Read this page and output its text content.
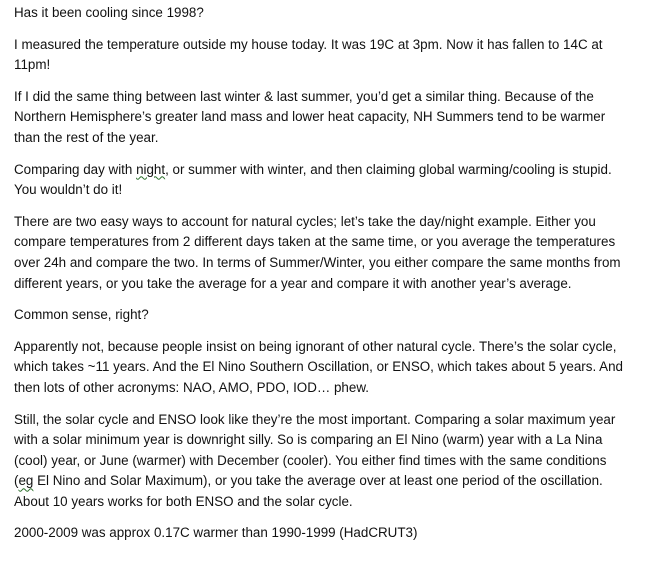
Has it been cooling since 1998?

I measured the temperature outside my house today. It was 19C at 3pm. Now it has fallen to 14C at
11pm!

If I did the same thing between last winter & last summer, you’d get a similar thing. Because of the
Northern Hemisphere’s greater land mass and lower heat capacity, NH Summers tend to be warmer
than the rest of the year.

Comparing day with night, or summer with winter, and then claiming global warming/cooling is stupid.
You wouldn’t do it!

There are two easy ways to account for natural cycles; let’s take the day/night example. Either you
compare temperatures from 2 different days taken at the same time, or you average the temperatures
over 24h and compare the two. In terms of Summer/Winter, you either compare the same months from
different years, or you take the average for a year and compare it with another year’s average.

Common sense, right?

Apparently not, because people insist on being ignorant of other natural cycle. There’s the solar cycle,
which takes ~11 years. And the El Nino Southern Oscillation, or ENSO, which takes about 5 years. And
then lots of other acronyms: NAO, AMO, PDO, IOD… phew.

Still, the solar cycle and ENSO look like they’re the most important. Comparing a solar maximum year
with a solar minimum year is downright silly. So is comparing an El Nino (warm) year with a La Nina
(cool) year, or June (warmer) with December (cooler). You either find times with the same conditions
(eg El Nino and Solar Maximum), or you take the average over at least one period of the oscillation.
About 10 years works for both ENSO and the solar cycle.

2000-2009 was approx 0.17C warmer than 1990-1999 (HadCRUT3)
